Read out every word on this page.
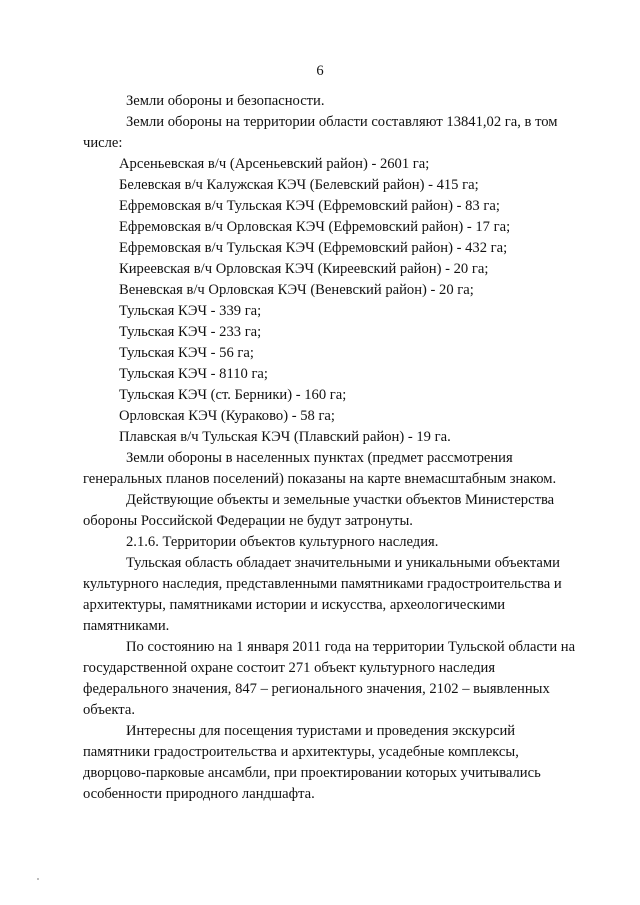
6
Земли обороны и безопасности.
Земли обороны на территории области составляют 13841,02 га, в том
числе:
Арсеньевская в/ч (Арсеньевский район) - 2601 га;
Белевская в/ч Калужская КЭЧ (Белевский район) - 415 га;
Ефремовская в/ч Тульская КЭЧ (Ефремовский район) - 83 га;
Ефремовская в/ч Орловская КЭЧ (Ефремовский район) - 17 га;
Ефремовская в/ч Тульская КЭЧ (Ефремовский район) - 432 га;
Киреевская в/ч Орловская КЭЧ (Киреевский район) - 20 га;
Веневская в/ч Орловская КЭЧ (Веневский район) - 20 га;
Тульская КЭЧ - 339 га;
Тульская КЭЧ - 233 га;
Тульская КЭЧ - 56 га;
Тульская КЭЧ - 8110 га;
Тульская КЭЧ (ст. Берники) - 160 га;
Орловская КЭЧ (Кураково) - 58 га;
Плавская в/ч Тульская КЭЧ (Плавский район) - 19 га.
Земли обороны в населенных пунктах (предмет рассмотрения
генеральных планов поселений) показаны на карте внемасштабным знаком.
Действующие объекты и земельные участки объектов Министерства
обороны Российской Федерации не будут затронуты.
2.1.6. Территории объектов культурного наследия.
Тульская область обладает значительными и уникальными объектами
культурного наследия, представленными памятниками градостроительства и
архитектуры, памятниками истории и искусства, археологическими
памятниками.
По состоянию на 1 января 2011 года на территории Тульской области на
государственной охране состоит 271 объект культурного наследия
федерального значения, 847 – регионального значения, 2102 – выявленных
объекта.
Интересны для посещения туристами и проведения экскурсий
памятники градостроительства и архитектуры, усадебные комплексы,
дворцово-парковые ансамбли, при проектировании которых учитывались
особенности природного ландшафта.
